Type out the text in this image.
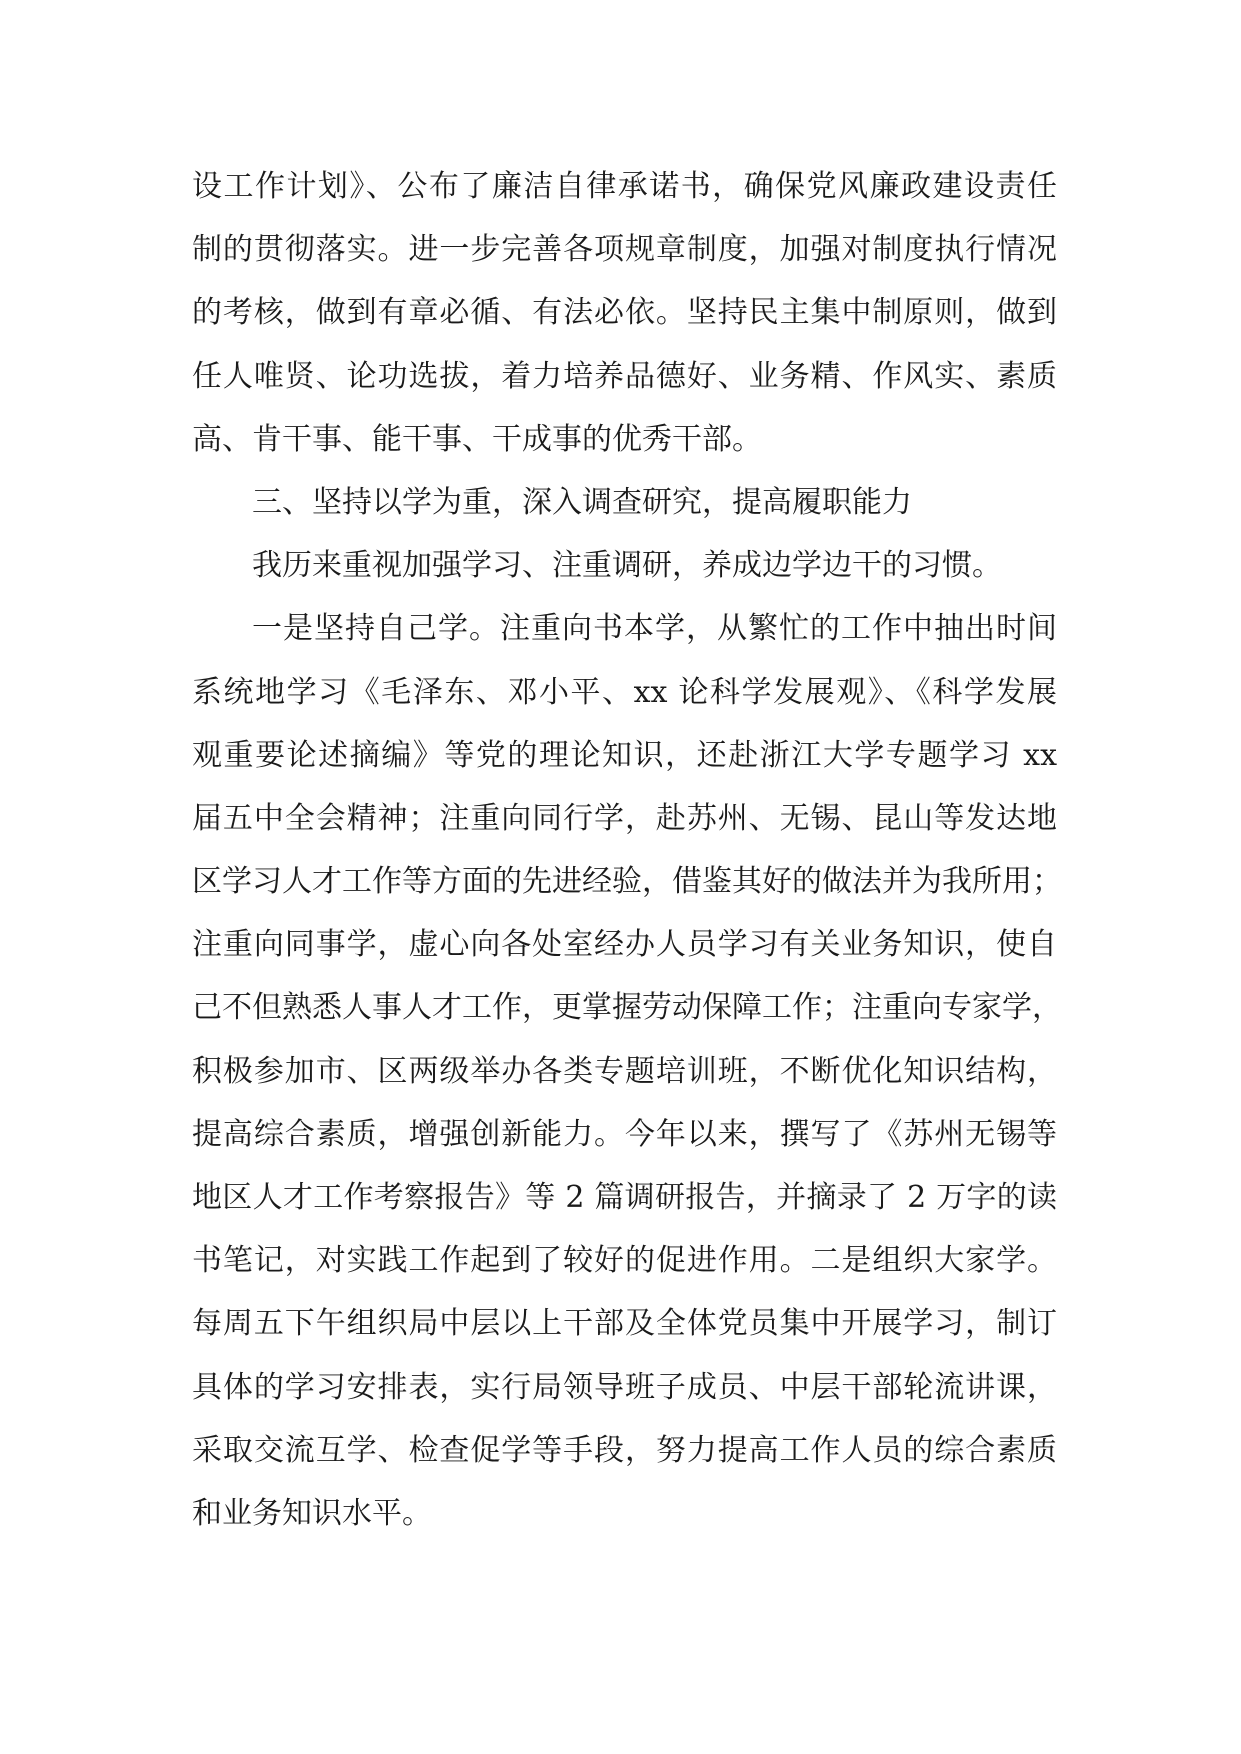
设工作计划》、公布了廉洁自律承诺书，确保党风廉政建设责任
制的贯彻落实。进一步完善各项规章制度，加强对制度执行情况
的考核，做到有章必循、有法必依。坚持民主集中制原则，做到
任人唯贤、论功选拔，着力培养品德好、业务精、作风实、素质
高、肯干事、能干事、干成事的优秀干部。
三、坚持以学为重，深入调查研究，提高履职能力
我历来重视加强学习、注重调研，养成边学边干的习惯。
一是坚持自己学。注重向书本学，从繁忙的工作中抽出时间
系统地学习《毛泽东、邓小平、xx 论科学发展观》、《科学发展
观重要论述摘编》等党的理论知识，还赴浙江大学专题学习 xx
届五中全会精神；注重向同行学，赴苏州、无锡、昆山等发达地
区学习人才工作等方面的先进经验，借鉴其好的做法并为我所用；
注重向同事学，虚心向各处室经办人员学习有关业务知识，使自
己不但熟悉人事人才工作，更掌握劳动保障工作；注重向专家学，
积极参加市、区两级举办各类专题培训班，不断优化知识结构，
提高综合素质，增强创新能力。今年以来，撰写了《苏州无锡等
地区人才工作考察报告》等 2 篇调研报告，并摘录了 2 万字的读
书笔记，对实践工作起到了较好的促进作用。二是组织大家学。
每周五下午组织局中层以上干部及全体党员集中开展学习，制订
具体的学习安排表，实行局领导班子成员、中层干部轮流讲课，
采取交流互学、检查促学等手段，努力提高工作人员的综合素质
和业务知识水平。
